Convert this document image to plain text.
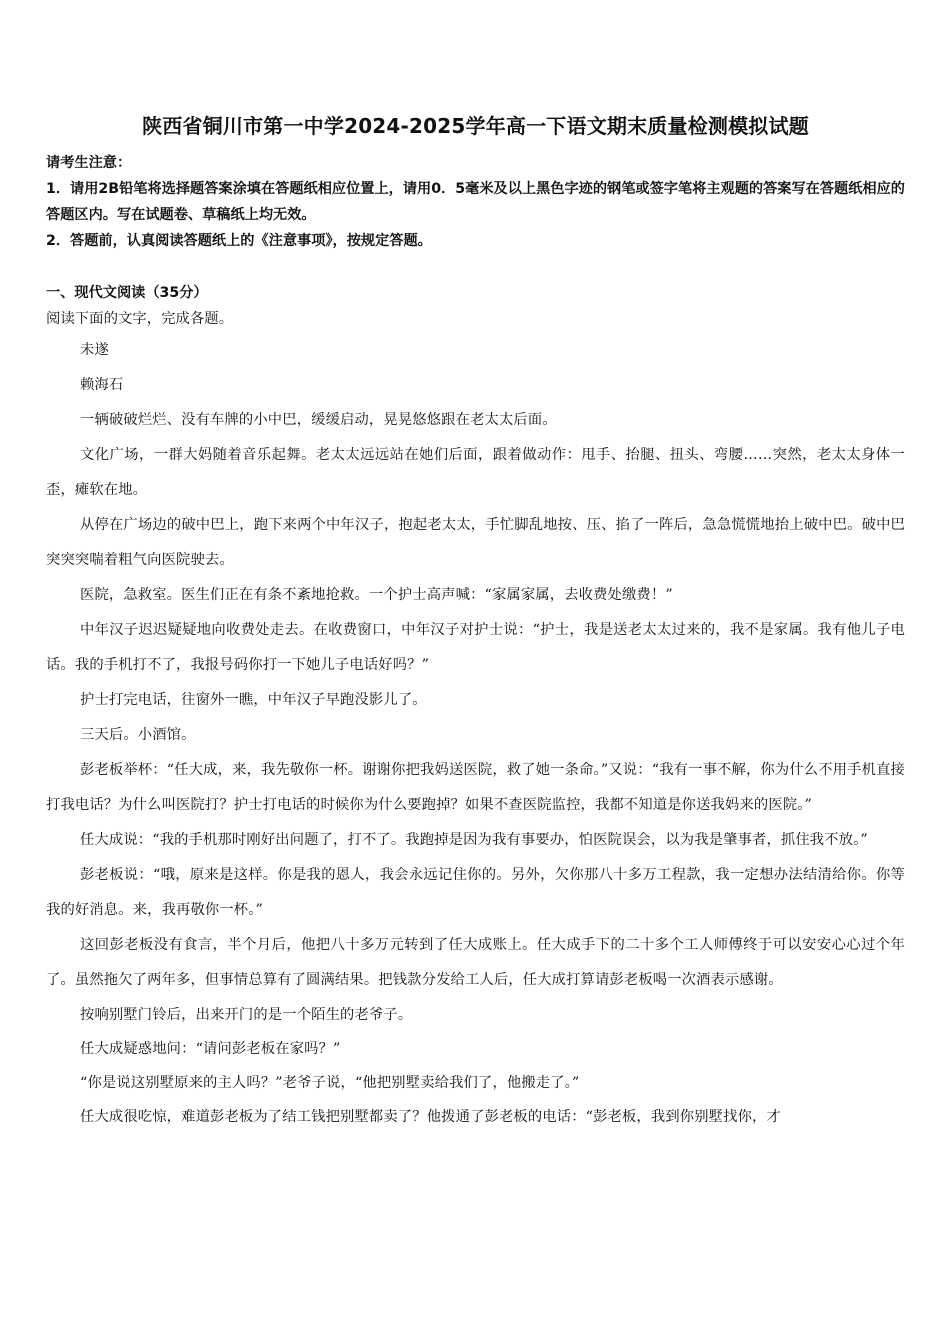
陕西省铜川市第一中学2024-2025学年高一下语文期末质量检测模拟试题

请考生注意：

1．请用2B铅笔将选择题答案涂填在答题纸相应位置上，请用0．5毫米及以上黑色字迹的钢笔或签字笔将主观题的答案写在答题纸相应的答题区内。写在试题卷、草稿纸上均无效。

2．答题前，认真阅读答题纸上的《注意事项》，按规定答题。

一、现代文阅读（35分）

阅读下面的文字，完成各题。

未遂

赖海石

一辆破破烂烂、没有车牌的小中巴，缓缓启动，晃晃悠悠跟在老太太后面。

文化广场，一群大妈随着音乐起舞。老太太远远站在她们后面，跟着做动作：甩手、抬腿、扭头、弯腰……突然，老太太身体一歪，瘫软在地。

从停在广场边的破中巴上，跑下来两个中年汉子，抱起老太太，手忙脚乱地按、压、掐了一阵后，急急慌慌地抬上破中巴。破中巴突突突喘着粗气向医院驶去。

医院，急救室。医生们正在有条不紊地抢救。一个护士高声喊：“家属家属，去收费处缴费！”

中年汉子迟迟疑疑地向收费处走去。在收费窗口，中年汉子对护士说：“护士，我是送老太太过来的，我不是家属。我有他儿子电话。我的手机打不了，我报号码你打一下她儿子电话好吗？”

护士打完电话，往窗外一瞧，中年汉子早跑没影儿了。

三天后。小酒馆。

彭老板举杯：“任大成，来，我先敬你一杯。谢谢你把我妈送医院，救了她一条命。”又说：“我有一事不解，你为什么不用手机直接打我电话？为什么叫医院打？护士打电话的时候你为什么要跑掉？如果不查医院监控，我都不知道是你送我妈来的医院。”

任大成说：“我的手机那时刚好出问题了，打不了。我跑掉是因为我有事要办，怕医院误会，以为我是肇事者，抓住我不放。”

彭老板说：“哦，原来是这样。你是我的恩人，我会永远记住你的。另外，欠你那八十多万工程款，我一定想办法结清给你。你等我的好消息。来，我再敬你一杯。”

这回彭老板没有食言，半个月后，他把八十多万元转到了任大成账上。任大成手下的二十多个工人师傅终于可以安安心心过个年了。虽然拖欠了两年多，但事情总算有了圆满结果。把钱款分发给工人后，任大成打算请彭老板喝一次酒表示感谢。

按响别墅门铃后，出来开门的是一个陌生的老爷子。

任大成疑惑地问：“请问彭老板在家吗？”

“你是说这别墅原来的主人吗？”老爷子说，“他把别墅卖给我们了，他搬走了。”

任大成很吃惊，难道彭老板为了结工钱把别墅都卖了？他拨通了彭老板的电话：“彭老板，我到你别墅找你，才
